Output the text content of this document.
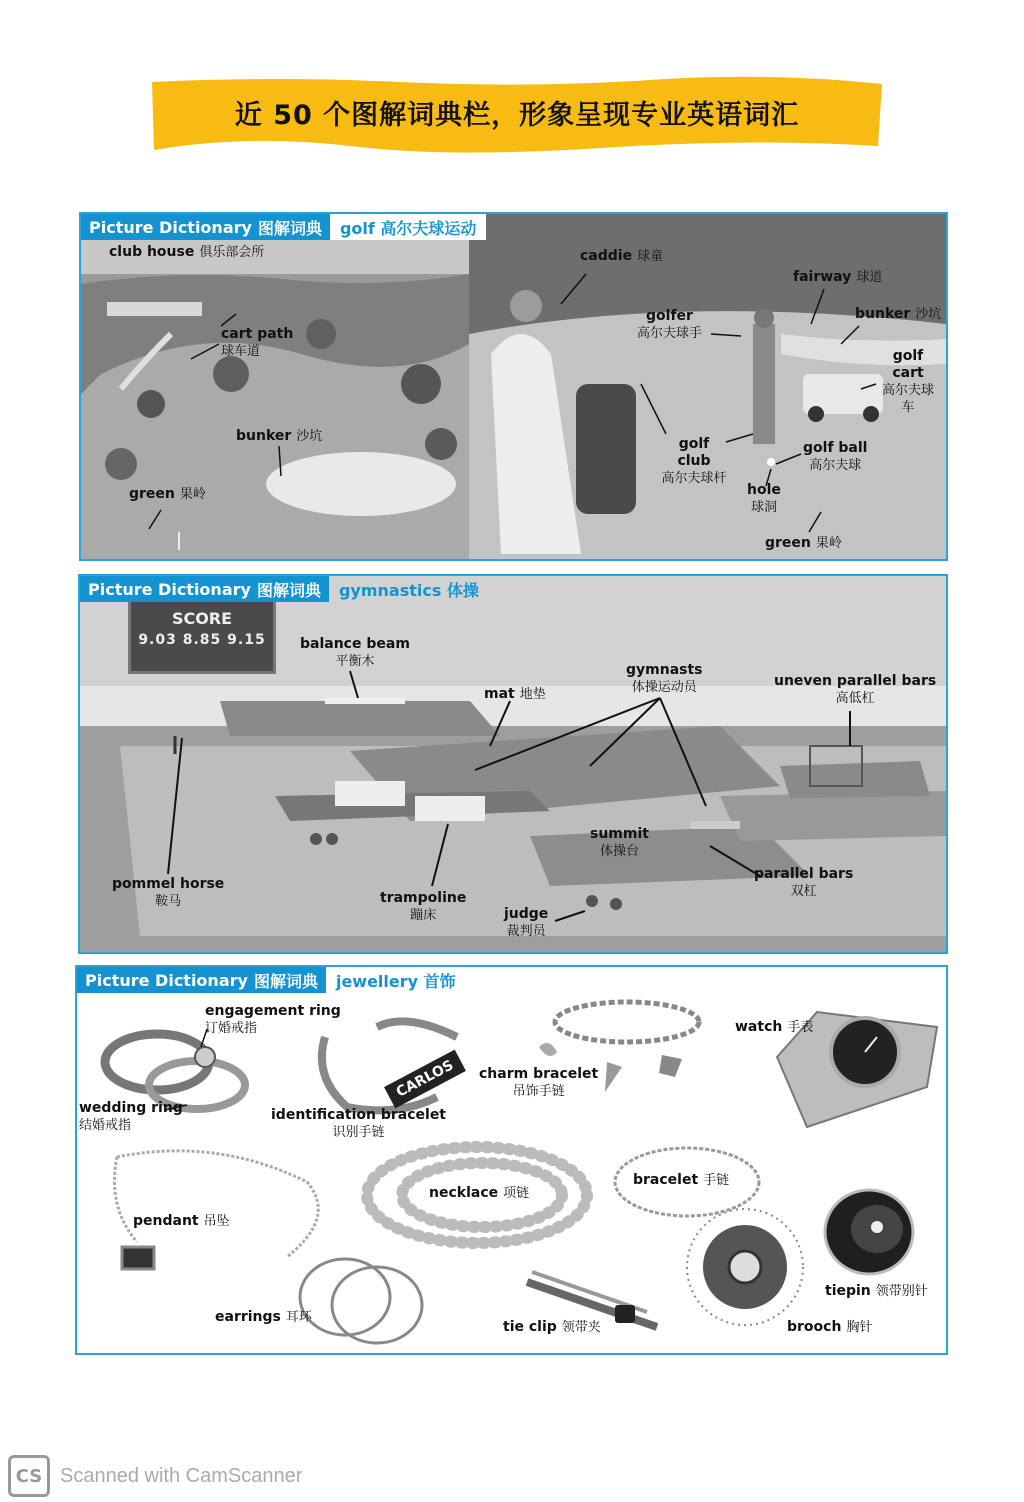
近 50 个图解词典栏，形象呈现专业英语词汇
Picture Dictionary 图解词典	golf 高尔夫球运动
club house 俱乐部会所
cart path
球车道
bunker 沙坑
green 果岭
caddie 球童
fairway 球道
golfer
高尔夫球手
bunker 沙坑
golf cart
高尔夫球车
golf club
高尔夫球杆
golf ball
高尔夫球
hole
球洞
green 果岭
Picture Dictionary 图解词典	gymnastics 体操
SCORE
9.03 8.85 9.15	balance beam
平衡木
mat 地垫
gymnasts
体操运动员	uneven parallel bars
高低杠
summit
体操台
parallel bars
双杠
pommel horse
鞍马	trampoline
蹦床	judge
裁判员
CARLOS
Picture Dictionary 图解词典	jewellery 首饰
engagement ring
订婚戒指
wedding ring
结婚戒指
identification bracelet
识别手链
charm bracelet
吊饰手链
watch 手表
pendant 吊坠
necklace 项链
bracelet 手链
earrings 耳环
tie clip 领带夹	brooch 胸针
tiepin 领带别针
CS Scanned with CamScanner
